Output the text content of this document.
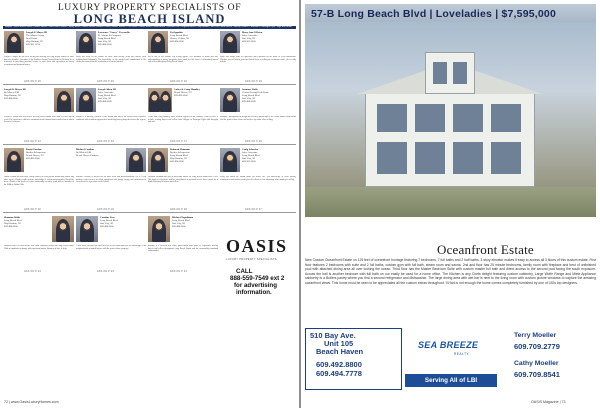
LUXURY PROPERTY SPECIALISTS OF
LONG BEACH ISLAND
Holgate • South Beach Haven • Beach Haven • North Beach Haven • Spray Beach • Beach Haven Gardens • Beach Haven Terrace • The Dunes • Haven Beach • Brant Beach • Peahala Park • Brighton Beach • Ship Bottom • Surf City • North Beach • Harvey Cedars • Loveladies • Barnegat Light • High Bar Harbor
Joseph P. Mayer III
The Mayer Group
Real Estate
Ship Bottom, NJ
609.361.1234
Joseph P. Mayer III has been selling and renting on Long Beach Island for more than two decades. A member of the Southern Ocean County Board of Realtors, he is dedicated to providing personal service to each client and specializes in luxury oceanfront and bayfront homes.
Lawrence "Larry" Pescarella
K. Adams & Company
Long Beach Blvd
Surf City, NJ
609.494.0000
Larry has lived on the Island for more than twenty years and knows each neighborhood intimately. His knowledge of the market and commitment to his clients has earned him the reputation as a trusted advisor.
Pat Ippolito
Long Beach Blvd
Harvey Cedars, NJ
609.494.0000
Pat is one of the Island's top selling agents. Her attention to detail and true understanding of luxury properties have made her the choice of discerning buyers and sellers throughout Long Beach Island.
Mary Ann O'Brien
Sales Associate
Surf City, NJ
609.361.0000
Mary Ann brings years of experience and a passion for the shore to every transaction. Whether you are buying your first beach home or selling an oceanfront estate, she is ready to help.
ADS ON P 29	ADS ON P 29	ADS ON P 29	ADS ON P 29
Joseph D. Mayer III
Re/Max at LBI
Ship Bottom, NJ
609.494.0000
Joseph D. Mayer has been active in Long Beach Island real estate for over fifteen years. His experience with new construction and custom homes makes him a valued resource for buyers.
Joseph Aiken III
Sales Associate
Long Beach Blvd
Surf City, NJ
609.494.0000
Joseph is a lifelong resident of the Island and offers his clients local expertise combined with a modern approach to marketing luxury properties across the region.
Colter & Craig Handley
Beach Haven, NJ
609.492.0000
Colter and Craig Handley have worked together as the Handley Team for over a decade, serving buyers and sellers from Holgate to Barnegat Light with integrity and care.
Suzanne Wolfe
Coastal Living Real Estate
Long Beach Blvd
Surf City, NJ
609.494.0000
Suzanne's background in design and her deep knowledge of the Island market help clients find the perfect shore home and achieve top value when selling.
ADS ON P 23	ADS ON P 23	ADS ON P 71	ADS ON P 29
David Gordon
Broker-Salesperson
Beach Haven, NJ
609.492.0000
David Gordon has sold more luxury homes on Long Beach Island than almost any other agent. A broker with extensive knowledge of waterfront properties, David has been a leader in the local real estate community for many years and is a member of the Million Dollar Club.
Michael Condon
Re/Max at LBI
Beach Haven Gardens
Michael Condon is known for his hard work and professionalism. He is a top producer who focuses on client satisfaction and brings energy and enthusiasm to every home he represents on the Island.
Deborah Heimann
Broker-Salesperson
Long Beach Blvd
Ship Bottom, NJ
609.494.0000
Deborah Heimann has been a successful broker on Long Beach Island since 1985. Her depth of experience and her commitment to personal service have earned her a loyal following of buyers and sellers.
Craig Schaefer
Sales Associate
Long Beach Blvd
Surf City, NJ
609.361.0000
Craig has called the Island home his whole life. His knowledge of local zoning, construction and market trends gives his clients a clear advantage when buying or selling.
ADS ON P 20	ADS ON P 18	ADS ON P 28	ADS ON P 27
Shannon Wolfe
Long Beach Blvd
Ship Bottom, NJ
609.494.0000
Shannon Wolfe is a full service real estate company located on Long Beach Island. With an emphasis on luxury and waterfront homes, Shannon is here to help.
Caroline Lisa
Long Beach Blvd
Surf City, NJ
609.494.0000
A true local, Caroline has spent her life on the Island and uses her knowledge of its neighborhoods to match buyers with the perfect shore property.
Michael Napolitano
Long Beach Blvd
Surf City, NJ
609.494.0000
Michael is a licensed real estate professional with years of experience serving buyers and sellers throughout Long Beach Island and the surrounding mainland communities.	OASIS
LUXURY PROPERTY SPECIALISTS
CALL
888-559-7549 ext 2
for advertising
information.
ADS ON P 24	ADS ON P 23	ADS ON P 24
72 | www.OasisLuxuryHomes.com
57-B Long Beach Blvd | Loveladies | $7,595,000
Oceanfront Estate
New Custom Oceanfront Estate on 125 feet of oceanfront frontage featuring 7 bedrooms, 7 full baths and 2 half baths. 3 story elevator makes it easy to access all 3 floors of this custom estate. First floor features 2 bedrooms with suite and 2 full baths, custom gym with full bath, steam room and sauna. 2nd and floor has 25 minute bedrooms, family room with fireplace and best of unfinished pool with attached dining area all over looking the ocean. Third floor has the Master Bedroom Suite with custom master full bath and direct access to the second pool facing the south exposure. Across the hall is another bedroom with full bath on our easily be used for a home office. The Kitchen is any Chefs delight featuring custom cabinetry, Large Wolfe Range and Miele Appliance cabinetry is a Butlers pantry where you find a second refrigerator and dishwasher. The large dining area with wet bar is next to the living room with custom picture windows to capture the amazing oceanfront views. This home must be seen to be appreciated all the custom extras throughout. If Hart is not enough the home comes completely furnished by one of LBI's top designers.
510 Bay Ave.
Unit 105
Beach Haven
609.492.8800
609.494.7778
SEA BREEZE
REALTY
Serving All of LBI
Terry Moeller
609.709.2779
Cathy Moeller
609.709.8541
OASIS Magazine | 73
